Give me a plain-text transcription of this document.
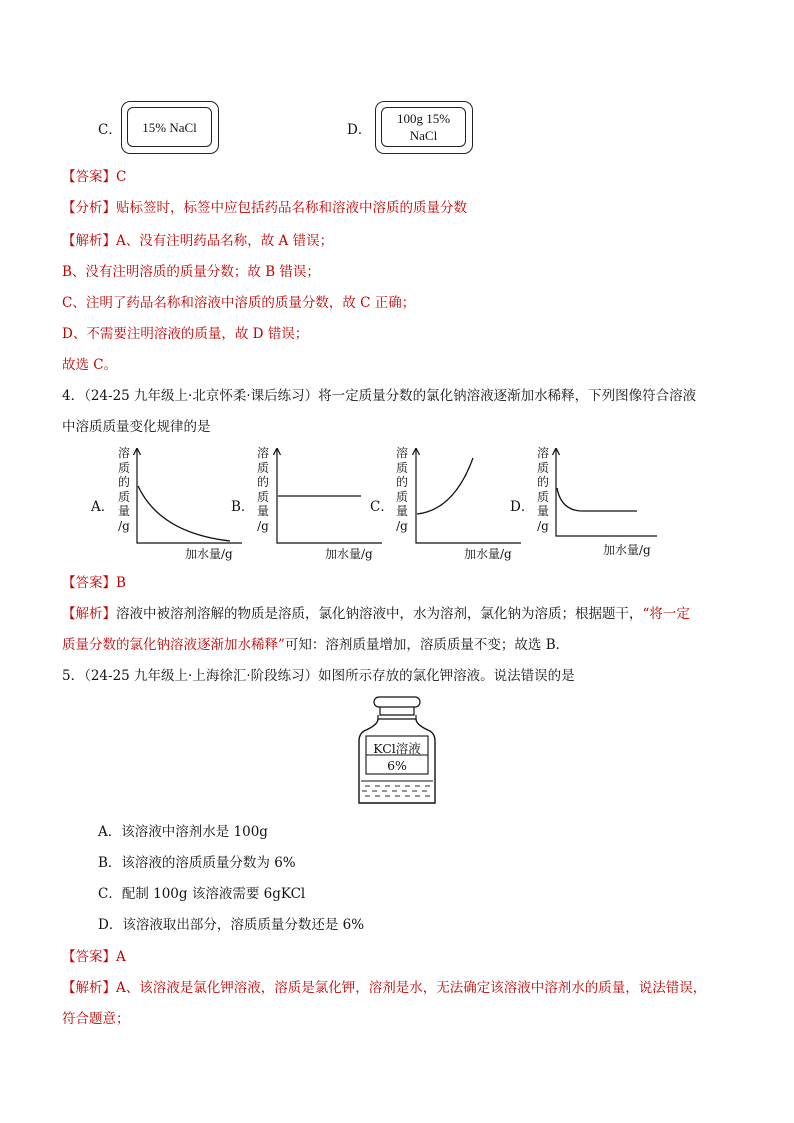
C． 15% NaCl	D．
100g 15%
NaCl
【答案】C
【分析】贴标签时，标签中应包括药品名称和溶液中溶质的质量分数
【解析】A、没有注明药品名称，故 A 错误；
B、没有注明溶质的质量分数；故 B 错误；
C、注明了药品名称和溶液中溶质的质量分数，故 C 正确；
D、不需要注明溶液的质量，故 D 错误；
故选 C。
4．（24-25 九年级上·北京怀柔·课后练习）将一定质量分数的氯化钠溶液逐渐加水稀释，下列图像符合溶液
中溶质质量变化规律的是
A．
溶
质
的
质
量
/g
加水量/g
B．
溶
质
的
质
量
/g
加水量/g
C．
溶
质
的
质
量
/g
加水量/g
D．
溶
质
的
质
量
/g
加水量/g
【答案】B
【解析】溶液中被溶剂溶解的物质是溶质，氯化钠溶液中，水为溶剂，氯化钠为溶质；根据题干，“将一定
质量分数的氯化钠溶液逐渐加水稀释”可知：溶剂质量增加，溶质质量不变；故选 B．
5．（24-25 九年级上·上海徐汇·阶段练习）如图所示存放的氯化钾溶液。说法错误的是
KCl溶液
6%
A．该溶液中溶剂水是 100g
B．该溶液的溶质质量分数为 6%
C．配制 100g 该溶液需要 6gKCl
D．该溶液取出部分，溶质质量分数还是 6%
【答案】A
【解析】A、该溶液是氯化钾溶液，溶质是氯化钾，溶剂是水，无法确定该溶液中溶剂水的质量，说法错误，
符合题意；
